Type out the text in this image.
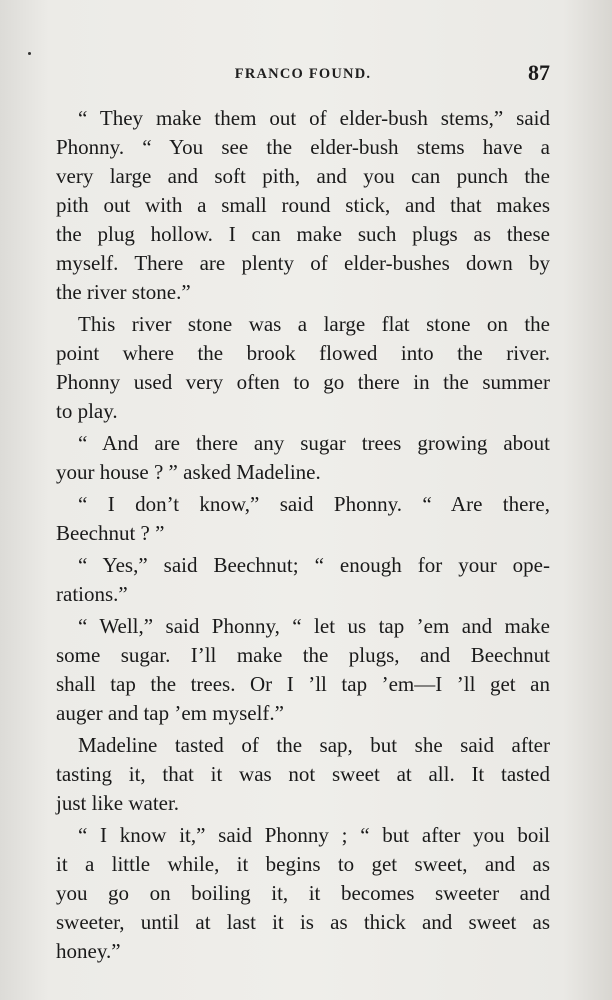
FRANCO FOUND.	87
“ They make them out of elder-bush stems,” said
Phonny. “ You see the elder-bush stems have a
very large and soft pith, and you can punch the
pith out with a small round stick, and that makes
the plug hollow. I can make such plugs as these
myself. There are plenty of elder-bushes down by
the river stone.”
This river stone was a large flat stone on the
point where the brook flowed into the river.
Phonny used very often to go there in the summer
to play.
“ And are there any sugar trees growing about
your house ? ” asked Madeline.
“ I don’t know,” said Phonny. “ Are there,
Beechnut ? ”
“ Yes,” said Beechnut; “ enough for your ope-
rations.”
“ Well,” said Phonny, “ let us tap ’em and make
some sugar. I’ll make the plugs, and Beechnut
shall tap the trees. Or I ’ll tap ’em—I ’ll get an
auger and tap ’em myself.”
Madeline tasted of the sap, but she said after
tasting it, that it was not sweet at all. It tasted
just like water.
“ I know it,” said Phonny ; “ but after you boil
it a little while, it begins to get sweet, and as
you go on boiling it, it becomes sweeter and
sweeter, until at last it is as thick and sweet as
honey.”
